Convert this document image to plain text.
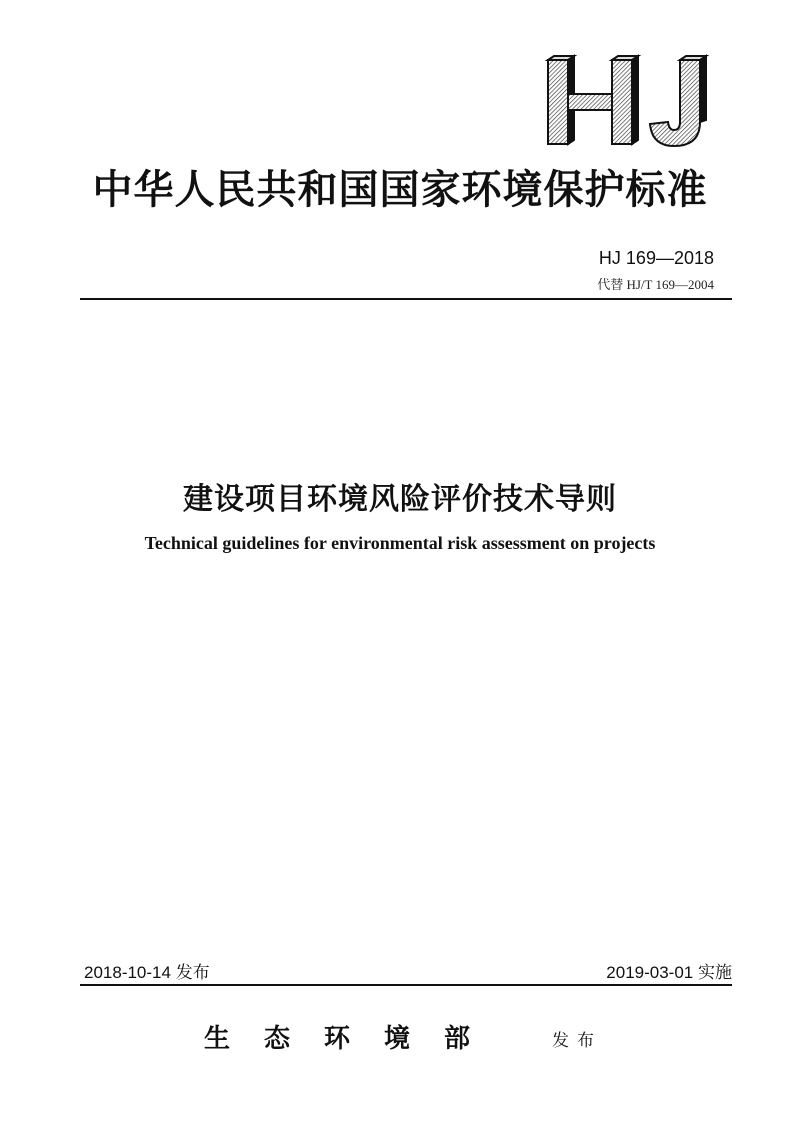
中华人民共和国国家环境保护标准
HJ 169—2018
代替 HJ/T 169—2004
建设项目环境风险评价技术导则
Technical guidelines for environmental risk assessment on projects
2018-10-14 发布	2019-03-01 实施
生态环境部	发布
